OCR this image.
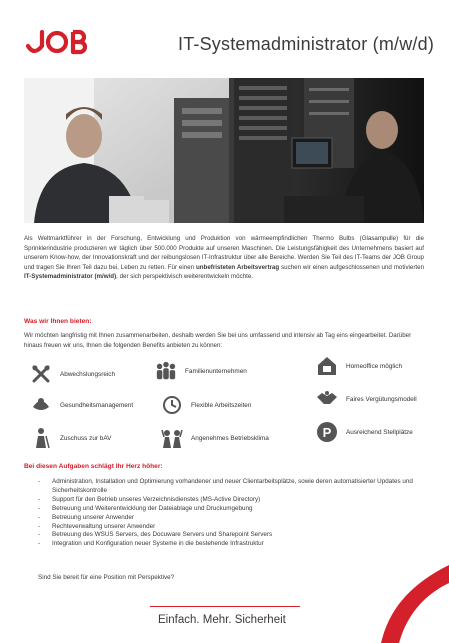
IT-Systemadministrator (m/w/d)
Als Weltmarktführer in der Forschung, Entwicklung und Produktion von wärmeempfindlichen Thermo Bulbs (Glasampulle) für die Sprinklerindustrie produzieren wir täglich über 500.000 Produkte auf unseren Maschinen. Die Leistungsfähigkeit des Unternehmens basiert auf unserem Know-how, der Innovationskraft und der reibungslosen IT-Infrastruktur über alle Bereiche. Werden Sie Teil des IT-Teams der JOB Group und tragen Sie Ihren Teil dazu bei, Leben zu retten. Für einen unbefristeten Arbeitsvertrag suchen wir einen aufgeschlossenen und motivierten IT-Systemadministrator (m/w/d), der sich perspektivisch weiterentwickeln möchte.
Was wir Ihnen bieten:
Wir möchten langfristig mit Ihnen zusammenarbeiten, deshalb werden Sie bei uns umfassend und intensiv ab Tag eins eingearbeitet. Darüber hinaus freuen wir uns, Ihnen die folgenden Benefits anbieten zu können:
Abwechslungsreich	Familienunternehmen
Homeoffice möglich
Gesundheitsmanagement	Flexible Arbeitszeiten
Faires Vergütungsmodell
Zuschuss zur bAV	Angenehmes Betriebsklima	P Ausreichend Stellplätze
Bei diesen Aufgaben schlägt Ihr Herz höher:
- Administration, Installation und Optimierung vorhandener und neuer Clientarbeitsplätze, sowie deren automatisierter Updates und Sicherheitskontrolle
- Support für den Betrieb unseres Verzeichnisdienstes (MS-Active Directory)
- Betreuung und Weiterentwicklung der Dateiablage und Druckumgebung
- Betreuung unserer Anwender
- Rechteverwaltung unserer Anwender
- Betreuung des WSUS Servers, des Docuware Servers und Sharepoint Servers
- Integration und Konfiguration neuer Systeme in die bestehende Infrastruktur
Sind Sie bereit für eine Position mit Perspektive?
Einfach. Mehr. Sicherheit
